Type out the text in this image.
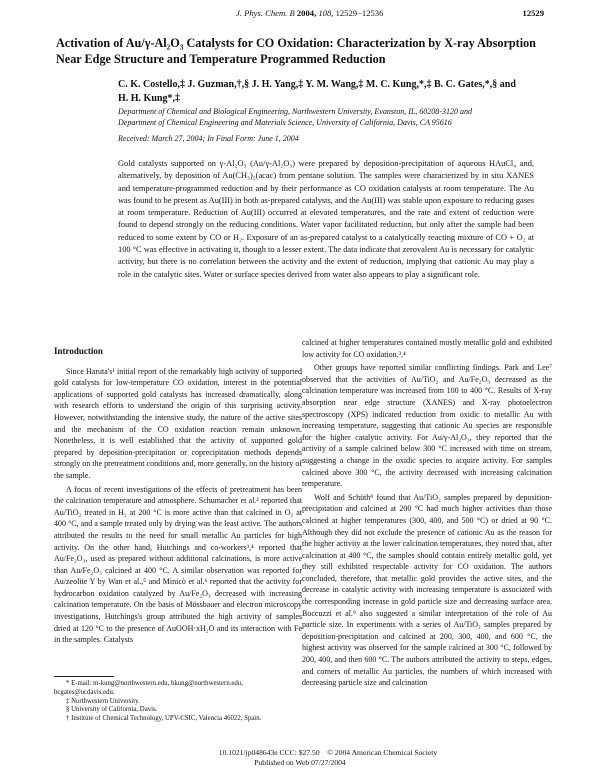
J. Phys. Chem. B 2004, 108, 12529−12536	12529
Activation of Au/γ-Al₂O₃ Catalysts for CO Oxidation: Characterization by X-ray Absorption Near Edge Structure and Temperature Programmed Reduction
C. K. Costello,‡ J. Guzman,†,§ J. H. Yang,‡ Y. M. Wang,‡ M. C. Kung,*,‡ B. C. Gates,*,§ and
H. H. Kung*,‡
Department of Chemical and Biological Engineering, Northwestern University, Evanston, IL, 60208-3120 and
Department of Chemical Engineering and Materials Science, University of California, Davis, CA 95616
Received: March 27, 2004; In Final Form: June 1, 2004

Gold catalysts supported on γ-Al₂O₃ (Au/γ-Al₂O₃) were prepared by deposition-precipitation of aqueous HAuCl₄ and, alternatively, by deposition of Au(CH₃)₂(acac) from pentane solution. The samples were characterized by in situ XANES and temperature-programmed reduction and by their performance as CO oxidation catalysts at room temperature. The Au was found to be present as Au(III) in both as-prepared catalysts, and the Au(III) was stable upon exposure to reducing gases at room temperature. Reduction of Au(III) occurred at elevated temperatures, and the rate and extent of reduction were found to depend strongly on the reducing conditions. Water vapor facilitated reduction, but only after the sample had been reduced to some extent by CO or H₂. Exposure of an as-prepared catalyst to a catalytically reacting mixture of CO + O₂ at 100 °C was effective in activating it, though to a lesser extent. The data indicate that zerovalent Au is necessary for catalytic activity, but there is no correlation between the activity and the extent of reduction, implying that cationic Au may play a role in the catalytic sites. Water or surface species derived from water also appears to play a significant role.

Introduction

Since Haruta's¹ initial report of the remarkably high activity of supported gold catalysts for low-temperature CO oxidation, interest in the potential applications of supported gold catalysts has increased dramatically, along with research efforts to understand the origin of this surprising activity. However, notwithstanding the intensive study, the nature of the active sites and the mechanism of the CO oxidation reaction remain unknown. Nonetheless, it is well established that the activity of supported gold prepared by deposition-precipitation or coprecipitation methods depends strongly on the pretreatment conditions and, more generally, on the history of the sample.

A focus of recent investigations of the effects of pretreatment has been the calcination temperature and atmosphere. Schumacher et al.² reported that Au/TiO₂ treated in H₂ at 200 °C is more active than that calcined in O₂ at 400 °C, and a sample treated only by drying was the least active. The authors attributed the results to the need for small metallic Au particles for high activity. On the other hand, Hutchings and co-workers³,⁴ reported that Au/Fe₂O₃, used as prepared without additional calcinations, is more active than Au/Fe₂O₃ calcined at 400 °C. A similar observation was reported for Au/zeolite Y by Wan et al.,⁵ and Minicò et al.⁶ reported that the activity for hydrocarbon oxidation catalyzed by Au/Fe₂O₃ decreased with increasing calcination temperature. On the basis of Mössbauer and electron microscopy investigations, Hutchings's group attributed the high activity of samples dried at 120 °C to the presence of AuOOH·xH₂O and its interaction with Fe in the samples. Catalysts

calcined at higher temperatures contained mostly metallic gold and exhibited low activity for CO oxidation.³,⁴

Other groups have reported similar conflicting findings. Park and Lee⁷ observed that the activities of Au/TiO₂ and Au/Fe₂O₃ decreased as the calcination temperature was increased from 100 to 400 °C. Results of X-ray absorption near edge structure (XANES) and X-ray photoelectron spectroscopy (XPS) indicated reduction from oxidic to metallic Au with increasing temperature, suggesting that cationic Au species are responsible for the higher catalytic activity. For Au/γ-Al₂O₃, they reported that the activity of a sample calcined below 300 °C increased with time on stream, suggesting a change in the oxidic species to acquire activity. For samples calcined above 300 °C, the activity decreased with increasing calcination temperature.

Wolf and Schüth⁸ found that Au/TiO₂ samples prepared by deposition-precipitation and calcined at 200 °C had much higher activities than those calcined at higher temperatures (300, 400, and 500 °C) or dried at 90 °C. Although they did not exclude the presence of cationic Au as the reason for the higher activity at the lower calcination temperatures, they noted that, after calcination at 400 °C, the samples should contain entirely metallic gold, yet they still exhibited respectable activity for CO oxidation. The authors concluded, therefore, that metallic gold provides the active sites, and the decrease in catalytic activity with increasing temperature is associated with the corresponding increase in gold particle size and decreasing surface area. Boccuzzi et al.⁹ also suggested a similar interpretation of the role of Au particle size. In experiments with a series of Au/TiO₂ samples prepared by deposition-precipitation and calcined at 200, 300, 400, and 600 °C, the highest activity was observed for the sample calcined at 300 °C, followed by 200, 400, and then 600 °C. The authors attributed the activity to steps, edges, and corners of metallic Au particles, the numbers of which increased with decreasing particle size and calcination

* E-mail: m-kung@northwestern.edu, hkung@northwestern.edu,
bcgates@ucdavis.edu.
‡ Northwestern University.
§ University of California, Davis.
† Institute of Chemical Technology, UPV-CSIC, Valencia 46022, Spain.
10.1021/jp048643e CCC: $27.50 © 2004 American Chemical Society
Published on Web 07/27/2004
